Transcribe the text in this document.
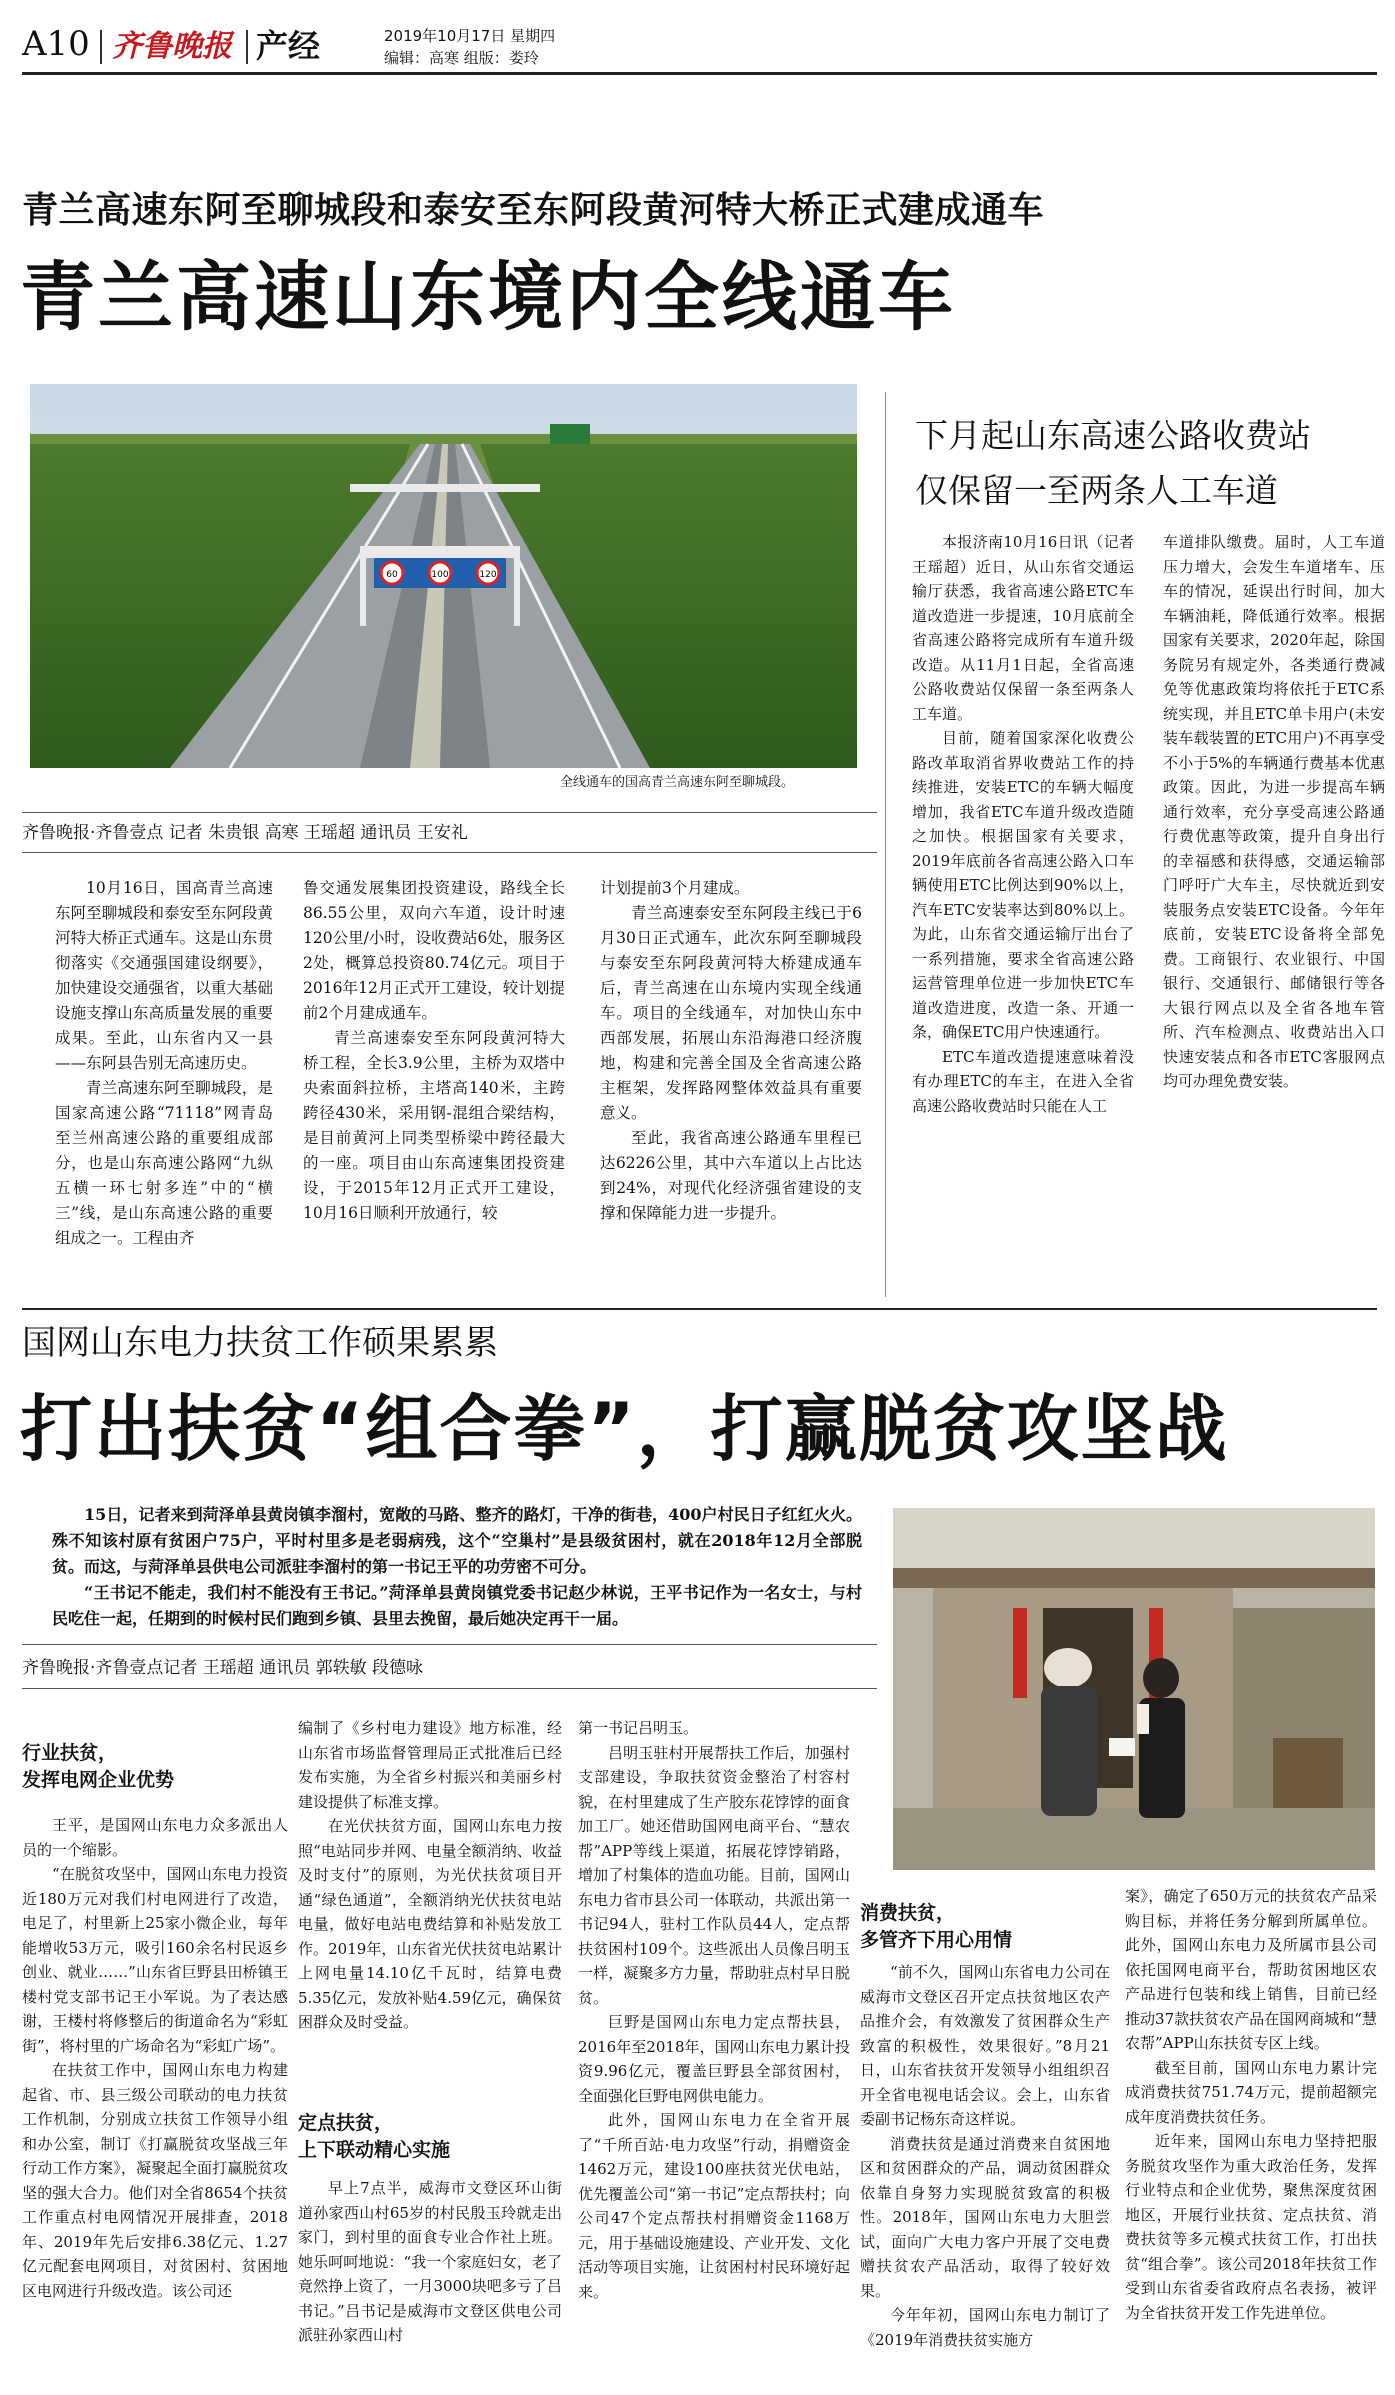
A10 齐鲁晚报 产经	2019年10月17日 星期四
编辑：高寒 组版：娄玲
青兰高速东阿至聊城段和泰安至东阿段黄河特大桥正式建成通车
青兰高速山东境内全线通车
60	100	120
全线通车的国高青兰高速东阿至聊城段。
齐鲁晚报·齐鲁壹点 记者 朱贵银 高寒 王瑶超 通讯员 王安礼

10月16日，国高青兰高速东阿至聊城段和泰安至东阿段黄河特大桥正式通车。这是山东贯彻落实《交通强国建设纲要》，加快建设交通强省，以重大基础设施支撑山东高质量发展的重要成果。至此，山东省内又一县——东阿县告别无高速历史。

青兰高速东阿至聊城段，是国家高速公路“71118”网青岛至兰州高速公路的重要组成部分，也是山东高速公路网“九纵五横一环七射多连”中的“横三”线，是山东高速公路的重要组成之一。工程由齐

鲁交通发展集团投资建设，路线全长86.55公里，双向六车道，设计时速120公里/小时，设收费站6处，服务区2处，概算总投资80.74亿元。项目于2016年12月正式开工建设，较计划提前2个月建成通车。

青兰高速泰安至东阿段黄河特大桥工程，全长3.9公里，主桥为双塔中央索面斜拉桥，主塔高140米，主跨跨径430米，采用钢-混组合梁结构，是目前黄河上同类型桥梁中跨径最大的一座。项目由山东高速集团投资建设，于2015年12月正式开工建设，10月16日顺利开放通行，较

计划提前3个月建成。

青兰高速泰安至东阿段主线已于6月30日正式通车，此次东阿至聊城段与泰安至东阿段黄河特大桥建成通车后，青兰高速在山东境内实现全线通车。项目的全线通车，对加快山东中西部发展，拓展山东沿海港口经济腹地，构建和完善全国及全省高速公路主框架，发挥路网整体效益具有重要意义。

至此，我省高速公路通车里程已达6226公里，其中六车道以上占比达到24%，对现代化经济强省建设的支撑和保障能力进一步提升。

下月起山东高速公路收费站
仅保留一至两条人工车道

本报济南10月16日讯（记者 王瑶超）近日，从山东省交通运输厅获悉，我省高速公路ETC车道改造进一步提速，10月底前全省高速公路将完成所有车道升级改造。从11月1日起，全省高速公路收费站仅保留一条至两条人工车道。

目前，随着国家深化收费公路改革取消省界收费站工作的持续推进，安装ETC的车辆大幅度增加，我省ETC车道升级改造随之加快。根据国家有关要求，2019年底前各省高速公路入口车辆使用ETC比例达到90%以上，汽车ETC安装率达到80%以上。为此，山东省交通运输厅出台了一系列措施，要求全省高速公路运营管理单位进一步加快ETC车道改造进度，改造一条、开通一条，确保ETC用户快速通行。

ETC车道改造提速意味着没有办理ETC的车主，在进入全省高速公路收费站时只能在人工

车道排队缴费。届时，人工车道压力增大，会发生车道堵车、压车的情况，延误出行时间，加大车辆油耗，降低通行效率。根据国家有关要求，2020年起，除国务院另有规定外，各类通行费减免等优惠政策均将依托于ETC系统实现，并且ETC单卡用户(未安装车载装置的ETC用户)不再享受不小于5%的车辆通行费基本优惠政策。因此，为进一步提高车辆通行效率，充分享受高速公路通行费优惠等政策，提升自身出行的幸福感和获得感，交通运输部门呼吁广大车主，尽快就近到安装服务点安装ETC设备。今年年底前，安装ETC设备将全部免费。工商银行、农业银行、中国银行、交通银行、邮储银行等各大银行网点以及全省各地车管所、汽车检测点、收费站出入口快速安装点和各市ETC客服网点均可办理免费安装。

国网山东电力扶贫工作硕果累累
打出扶贫“组合拳”，打赢脱贫攻坚战

15日，记者来到菏泽单县黄岗镇李溜村，宽敞的马路、整齐的路灯，干净的街巷，400户村民日子红红火火。殊不知该村原有贫困户75户，平时村里多是老弱病残，这个“空巢村”是县级贫困村，就在2018年12月全部脱贫。而这，与菏泽单县供电公司派驻李溜村的第一书记王平的功劳密不可分。

“王书记不能走，我们村不能没有王书记。”菏泽单县黄岗镇党委书记赵少林说，王平书记作为一名女士，与村民吃住一起，任期到的时候村民们跑到乡镇、县里去挽留，最后她决定再干一届。

齐鲁晚报·齐鲁壹点记者 王瑶超 通讯员 郭轶敏 段德咏
行业扶贫，
发挥电网企业优势

王平，是国网山东电力众多派出人员的一个缩影。

“在脱贫攻坚中，国网山东电力投资近180万元对我们村电网进行了改造，电足了，村里新上25家小微企业，每年能增收53万元，吸引160余名村民返乡创业、就业……”山东省巨野县田桥镇王楼村党支部书记王小军说。为了表达感谢，王楼村将修整后的街道命名为“彩虹街”，将村里的广场命名为“彩虹广场”。

在扶贫工作中，国网山东电力构建起省、市、县三级公司联动的电力扶贫工作机制，分别成立扶贫工作领导小组和办公室，制订《打赢脱贫攻坚战三年行动工作方案》，凝聚起全面打赢脱贫攻坚的强大合力。他们对全省8654个扶贫工作重点村电网情况开展排查，2018年、2019年先后安排6.38亿元、1.27亿元配套电网项目，对贫困村、贫困地区电网进行升级改造。该公司还

编制了《乡村电力建设》地方标准，经山东省市场监督管理局正式批准后已经发布实施，为全省乡村振兴和美丽乡村建设提供了标准支撑。

在光伏扶贫方面，国网山东电力按照“电站同步并网、电量全额消纳、收益及时支付”的原则，为光伏扶贫项目开通“绿色通道”，全额消纳光伏扶贫电站电量，做好电站电费结算和补贴发放工作。2019年，山东省光伏扶贫电站累计上网电量14.10亿千瓦时，结算电费5.35亿元，发放补贴4.59亿元，确保贫困群众及时受益。

定点扶贫，
上下联动精心实施

早上7点半，威海市文登区环山街道孙家西山村65岁的村民殷玉玲就走出家门，到村里的面食专业合作社上班。她乐呵呵地说：“我一个家庭妇女，老了竟然挣上资了，一月3000块吧多亏了吕书记。”吕书记是威海市文登区供电公司派驻孙家西山村

第一书记吕明玉。

吕明玉驻村开展帮扶工作后，加强村支部建设，争取扶贫资金整治了村容村貌，在村里建成了生产胶东花饽饽的面食加工厂。她还借助国网电商平台、“慧农帮”APP等线上渠道，拓展花饽饽销路，增加了村集体的造血功能。目前，国网山东电力省市县公司一体联动，共派出第一书记94人，驻村工作队员44人，定点帮扶贫困村109个。这些派出人员像吕明玉一样，凝聚多方力量，帮助驻点村早日脱贫。

巨野是国网山东电力定点帮扶县，2016年至2018年，国网山东电力累计投资9.96亿元，覆盖巨野县全部贫困村，全面强化巨野电网供电能力。

此外，国网山东电力在全省开展了“千所百站·电力攻坚”行动，捐赠资金1462万元，建设100座扶贫光伏电站，优先覆盖公司“第一书记”定点帮扶村；向公司47个定点帮扶村捐赠资金1168万元，用于基础设施建设、产业开发、文化活动等项目实施，让贫困村村民环境好起来。

消费扶贫，
多管齐下用心用情

“前不久，国网山东省电力公司在威海市文登区召开定点扶贫地区农产品推介会，有效激发了贫困群众生产致富的积极性，效果很好。”8月21日，山东省扶贫开发领导小组组织召开全省电视电话会议。会上，山东省委副书记杨东奇这样说。

消费扶贫是通过消费来自贫困地区和贫困群众的产品，调动贫困群众依靠自身努力实现脱贫致富的积极性。2018年，国网山东电力大胆尝试，面向广大电力客户开展了交电费赠扶贫农产品活动，取得了较好效果。

今年年初，国网山东电力制订了《2019年消费扶贫实施方

案》，确定了650万元的扶贫农产品采购目标，并将任务分解到所属单位。此外，国网山东电力及所属市县公司依托国网电商平台，帮助贫困地区农产品进行包装和线上销售，目前已经推动37款扶贫农产品在国网商城和“慧农帮”APP山东扶贫专区上线。

截至目前，国网山东电力累计完成消费扶贫751.74万元，提前超额完成年度消费扶贫任务。

近年来，国网山东电力坚持把服务脱贫攻坚作为重大政治任务，发挥行业特点和企业优势，聚焦深度贫困地区，开展行业扶贫、定点扶贫、消费扶贫等多元模式扶贫工作，打出扶贫“组合拳”。该公司2018年扶贫工作受到山东省委省政府点名表扬，被评为全省扶贫开发工作先进单位。
